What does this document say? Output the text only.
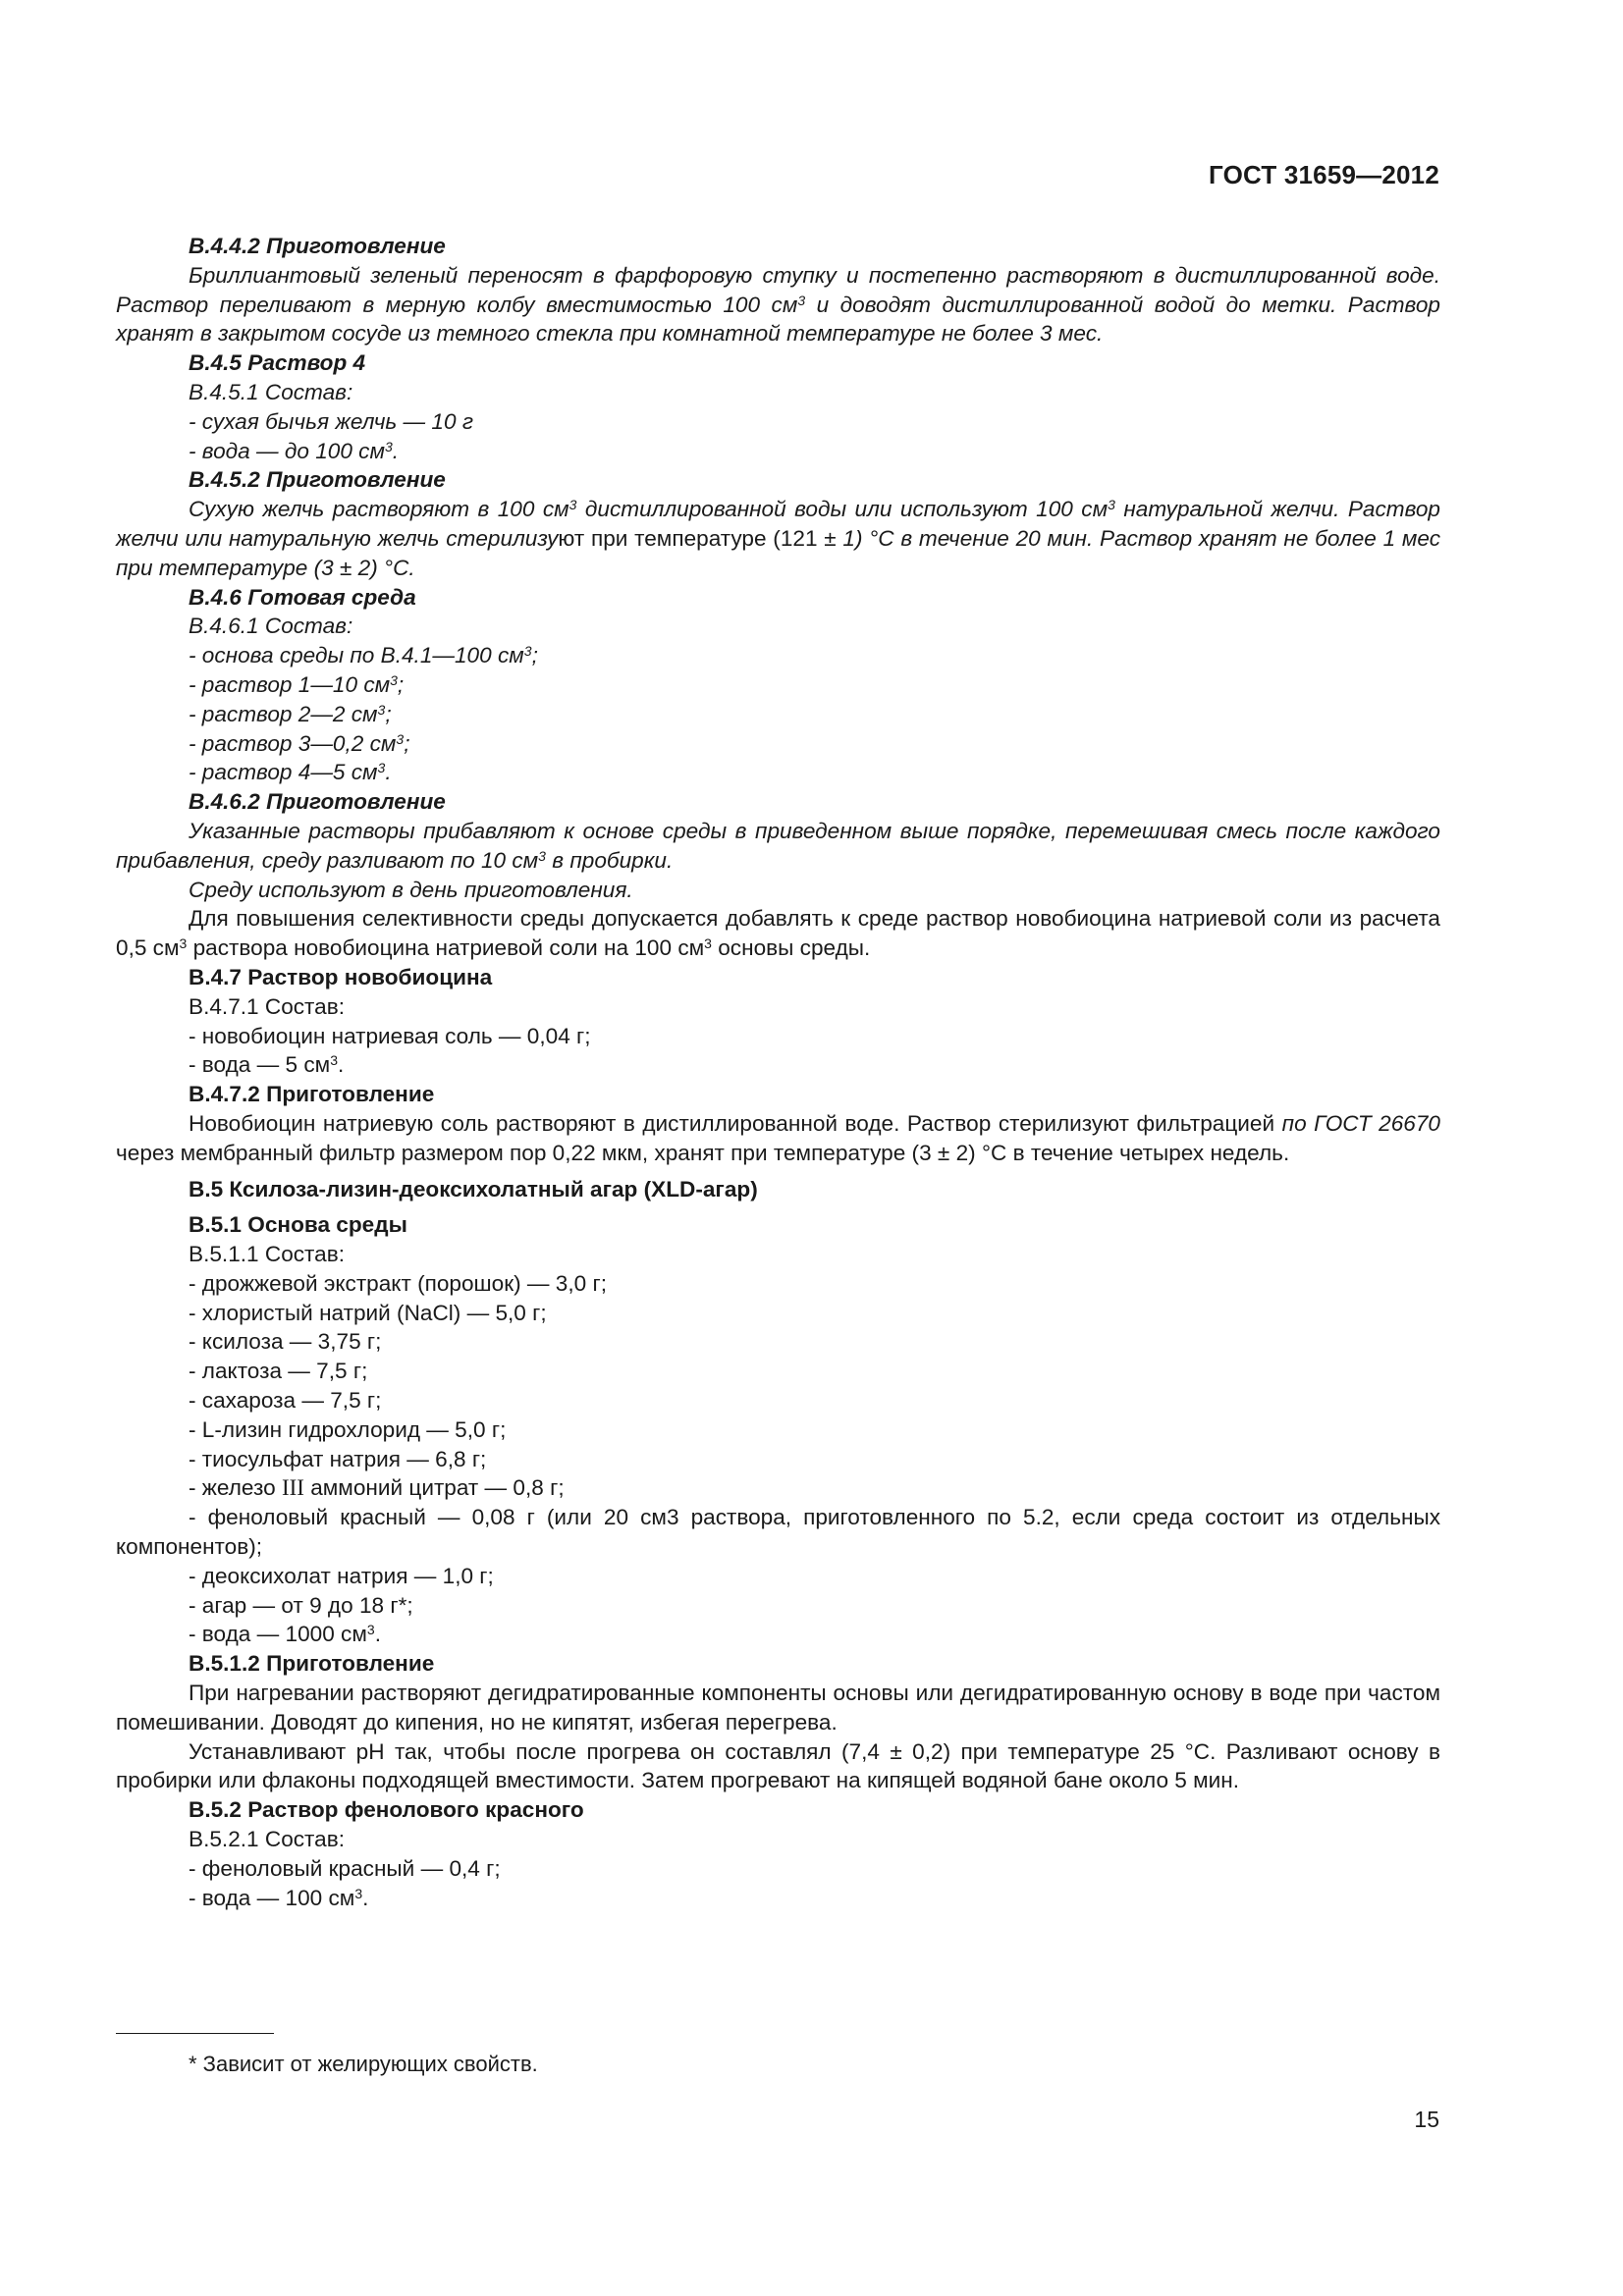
ГОСТ 31659—2012
В.4.4.2 Приготовление
Бриллиантовый зеленый переносят в фарфоровую ступку и постепенно растворяют в дистиллированной воде. Раствор переливают в мерную колбу вместимостью 100 $см^3$ и доводят дистиллированной водой до метки. Раствор хранят в закрытом сосуде из темного стекла при комнатной температуре не более 3 мес.
В.4.5 Раствор 4
В.4.5.1 Состав:
- сухая бычья желчь — 10 г
- вода — до 100 $см^3$.
В.4.5.2 Приготовление
Сухую желчь растворяют в 100 $см^3$ дистиллированной воды или используют 100 $см^3$ натуральной желчи. Раствор желчи или натуральную желчь стерилизуют при температуре (121 ± 1) °С в течение 20 мин. Раствор хранят не более 1 мес при температуре (3 ± 2) °С.
В.4.6 Готовая среда
В.4.6.1 Состав:
- основа среды по В.4.1—100 $см^3$;
- раствор 1—10 $см^3$;
- раствор 2—2 $см^3$;
- раствор 3—0,2 $см^3$;
- раствор 4—5 $см^3$.
В.4.6.2 Приготовление
Указанные растворы прибавляют к основе среды в приведенном выше порядке, перемешивая смесь после каждого прибавления, среду разливают по 10 $см^3$ в пробирки.
Среду используют в день приготовления.
Для повышения селективности среды допускается добавлять к среде раствор новобиоцина натриевой соли из расчета 0,5 $см^3$ раствора новобиоцина натриевой соли на 100 $см^3$ основы среды.
В.4.7 Раствор новобиоцина
В.4.7.1 Состав:
- новобиоцин натриевая соль — 0,04 г;
- вода — 5 $см^3$.
В.4.7.2 Приготовление
Новобиоцин натриевую соль растворяют в дистиллированной воде. Раствор стерилизуют фильтрацией по ГОСТ 26670 через мембранный фильтр размером пор 0,22 мкм, хранят при температуре (3 ± 2) °С в течение четырех недель.
В.5 Ксилоза-лизин-деоксихолатный агар (XLD-агар)
В.5.1 Основа среды
В.5.1.1 Состав:
- дрожжевой экстракт (порошок) — 3,0 г;
- хлористый натрий (NaCl) — 5,0 г;
- ксилоза — 3,75 г;
- лактоза — 7,5 г;
- сахароза — 7,5 г;
- L-лизин гидрохлорид — 5,0 г;
- тиосульфат натрия — 6,8 г;
- железо III аммоний цитрат — 0,8 г;
- феноловый красный — 0,08 г (или 20 см3 раствора, приготовленного по 5.2, если среда состоит из отдельных компонентов);
- деоксихолат натрия — 1,0 г;
- агар — от 9 до 18 г*;
- вода — 1000 $см^3$.
В.5.1.2 Приготовление
При нагревании растворяют дегидратированные компоненты основы или дегидратированную основу в воде при частом помешивании. Доводят до кипения, но не кипятят, избегая перегрева.
Устанавливают pH так, чтобы после прогрева он составлял (7,4 ± 0,2) при температуре 25 °С. Разливают основу в пробирки или флаконы подходящей вместимости. Затем прогревают на кипящей водяной бане около 5 мин.
В.5.2 Раствор фенолового красного
В.5.2.1 Состав:
- феноловый красный — 0,4 г;
- вода — 100 $см^3$.
* Зависит от желирующих свойств.
15
